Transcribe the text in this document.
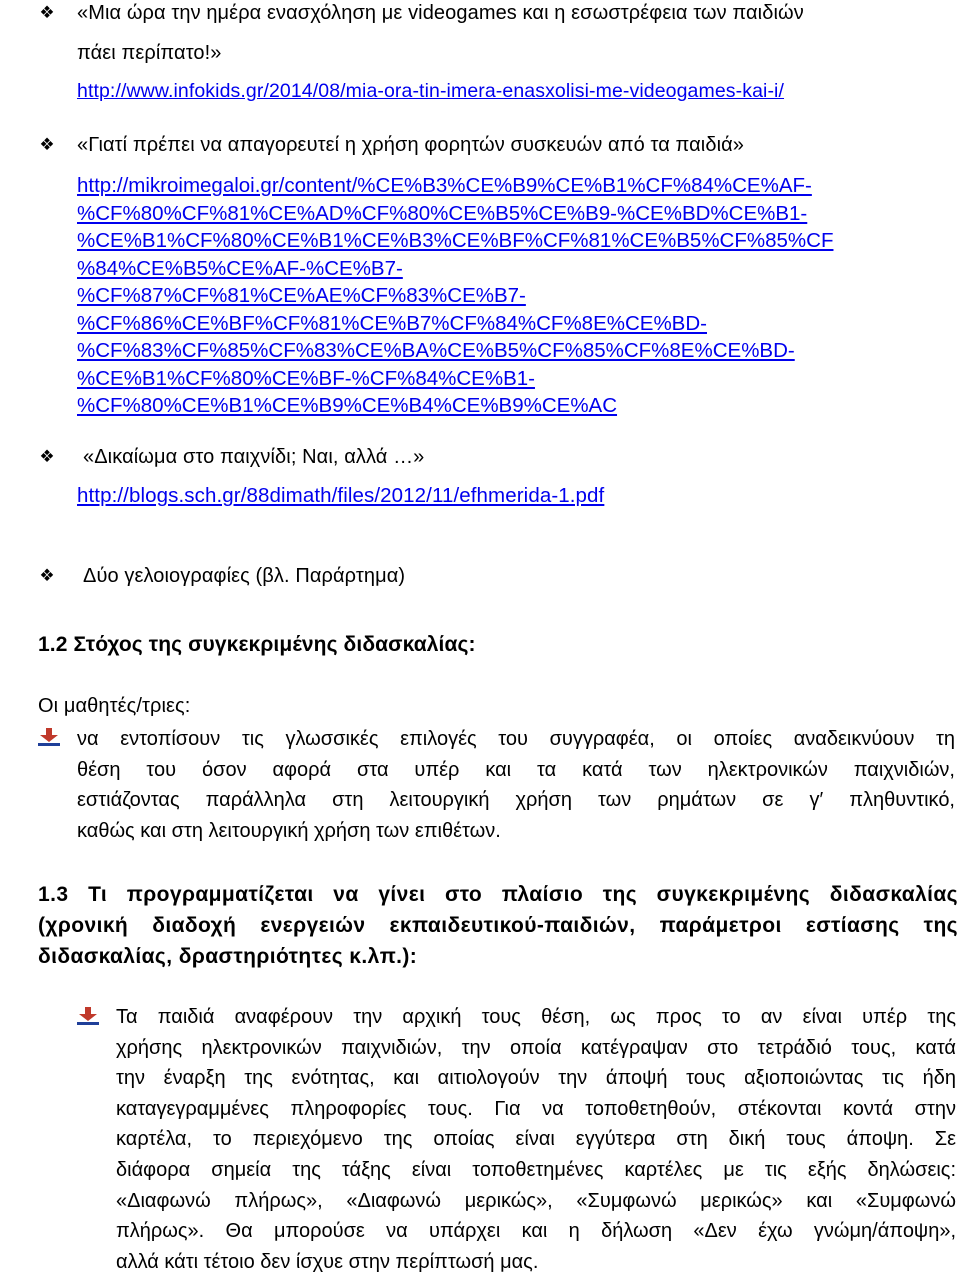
❖ «Μια ώρα την ημέρα ενασχόληση με videogames και η εσωστρέφεια των παιδιών
πάει περίπατο!»
http://www.infokids.gr/2014/08/mia-ora-tin-imera-enasxolisi-me-videogames-kai-i/
❖ «Γιατί πρέπει να απαγορευτεί η χρήση φορητών συσκευών από τα παιδιά»
http://mikroimegaloi.gr/content/%CE%B3%CE%B9%CE%B1%CF%84%CE%AF-
%CF%80%CF%81%CE%AD%CF%80%CE%B5%CE%B9-%CE%BD%CE%B1-
%CE%B1%CF%80%CE%B1%CE%B3%CE%BF%CF%81%CE%B5%CF%85%CF
%84%CE%B5%CE%AF-%CE%B7-
%CF%87%CF%81%CE%AE%CF%83%CE%B7-
%CF%86%CE%BF%CF%81%CE%B7%CF%84%CF%8E%CE%BD-
%CF%83%CF%85%CF%83%CE%BA%CE%B5%CF%85%CF%8E%CE%BD-
%CE%B1%CF%80%CE%BF-%CF%84%CE%B1-
%CF%80%CE%B1%CE%B9%CE%B4%CE%B9%CE%AC
❖ «Δικαίωμα στο παιχνίδι; Ναι, αλλά …»
http://blogs.sch.gr/88dimath/files/2012/11/efhmerida-1.pdf
❖ Δύο γελοιογραφίες (βλ. Παράρτημα)
1.2 Στόχος της συγκεκριμένης διδασκαλίας:
Οι μαθητές/τριες:
να εντοπίσουν τις γλωσσικές επιλογές του συγγραφέα, οι οποίες αναδεικνύουν τη
θέση του όσον αφορά στα υπέρ και τα κατά των ηλεκτρονικών παιχνιδιών,
εστιάζοντας παράλληλα στη λειτουργική χρήση των ρημάτων σε γ′ πληθυντικό,
καθώς και στη λειτουργική χρήση των επιθέτων.
1.3 Τι προγραμματίζεται να γίνει στο πλαίσιο της συγκεκριμένης διδασκαλίας
(χρονική διαδοχή ενεργειών εκπαιδευτικού-παιδιών, παράμετροι εστίασης της
διδασκαλίας, δραστηριότητες κ.λπ.):
Τα παιδιά αναφέρουν την αρχική τους θέση, ως προς το αν είναι υπέρ της
χρήσης ηλεκτρονικών παιχνιδιών, την οποία κατέγραψαν στο τετράδιό τους, κατά
την έναρξη της ενότητας, και αιτιολογούν την άποψή τους αξιοποιώντας τις ήδη
καταγεγραμμένες πληροφορίες τους. Για να τοποθετηθούν, στέκονται κοντά στην
καρτέλα, το περιεχόμενο της οποίας είναι εγγύτερα στη δική τους άποψη. Σε
διάφορα σημεία της τάξης είναι τοποθετημένες καρτέλες με τις εξής δηλώσεις:
«Διαφωνώ πλήρως», «Διαφωνώ μερικώς», «Συμφωνώ μερικώς» και «Συμφωνώ
πλήρως». Θα μπορούσε να υπάρχει και η δήλωση «Δεν έχω γνώμη/άποψη»,
αλλά κάτι τέτοιο δεν ίσχυε στην περίπτωσή μας.
